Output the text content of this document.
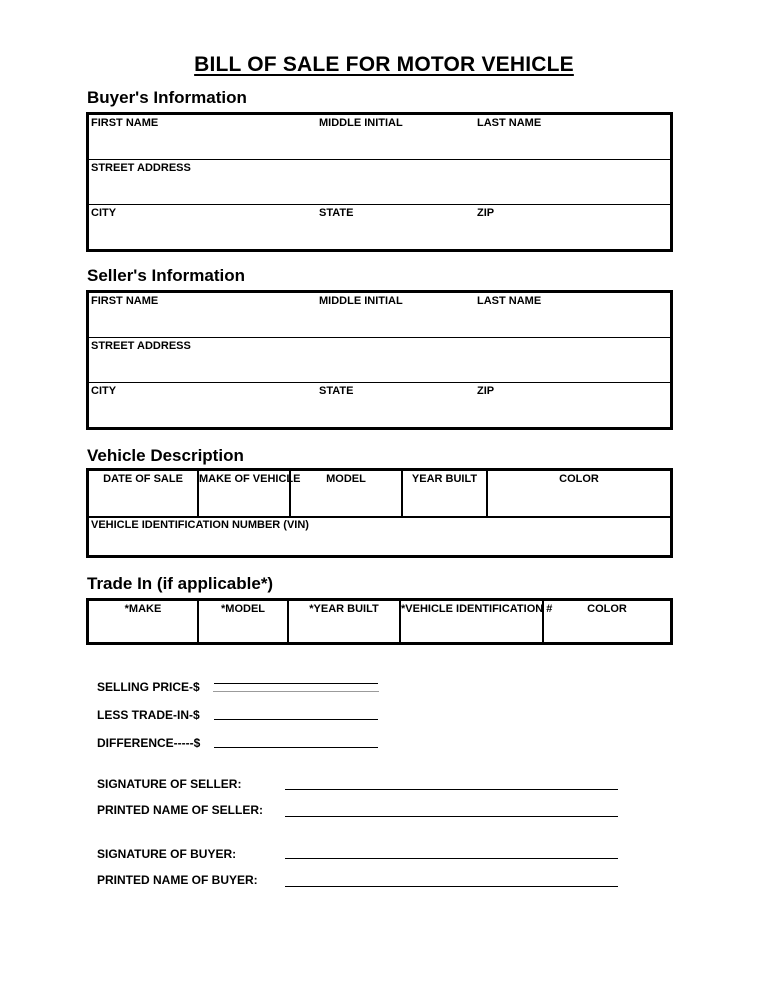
BILL OF SALE FOR MOTOR VEHICLE
Buyer's Information
FIRST NAME	MIDDLE INITIAL	LAST NAME
STREET ADDRESS
CITY	STATE	ZIP
Seller's Information
FIRST NAME	MIDDLE INITIAL	LAST NAME
STREET ADDRESS
CITY	STATE	ZIP
Vehicle Description
DATE OF SALE	MAKE OF VEHICLE	MODEL	YEAR BUILT	COLOR
VEHICLE IDENTIFICATION NUMBER (VIN)
Trade In (if applicable*)
*MAKE	*MODEL	*YEAR BUILT	*VEHICLE IDENTIFICATION #	COLOR
SELLING PRICE-$
LESS TRADE-IN-$
DIFFERENCE-----$
SIGNATURE OF SELLER:
PRINTED NAME OF SELLER:
SIGNATURE OF BUYER:
PRINTED NAME OF BUYER:
